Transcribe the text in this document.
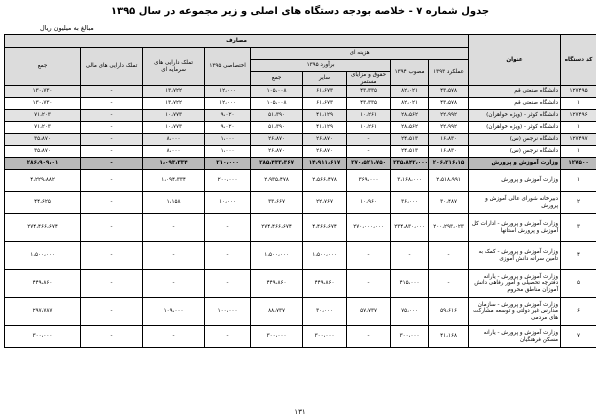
جدول شماره ۷ - خلاصه بودجه دستگاه های اصلی و زیر مجموعه در سال ۱۳۹۵
مبالغ به میلیون ریال
کد دستگاه	عنوان	مصارف								
		هزینه ای					اختصاصی ۱۳۹۵	تملک دارایی های سرمایه ای	تملک دارایی های مالی	جمع
		عملکرد ۱۳۹۳	مصوب ۱۳۹۴	برآورد ۱۳۹۵						
				حقوق و مزایای مستمر	سایر	جمع				

۱۲۷۴۹۵	دانشگاه صنعتی قم	۴۳،۵۷۸	۸۲،۰۲۱	۴۳،۳۳۵	۶۱،۶۷۳	۱۰۵،۰۰۸	۱۲،۰۰۰	۱۳،۷۲۲	-	۱۳۰،۷۳۰
۱	دانشگاه صنعتی قم	۴۳،۵۷۸	۸۲،۰۲۱	۴۳،۳۳۵	۶۱،۶۷۳	۱۰۵،۰۰۸	۱۲،۰۰۰	۱۳،۷۲۲	-	۱۳۰،۷۳۰
۱۲۷۴۹۶	دانشگاه کوثر - (ویژه خواهران)	۲۲،۹۹۲	۲۸،۵۶۲	۱۰،۲۶۱	۴۱،۱۲۹	۵۱،۳۹۰	۹،۰۲۰	۱۰،۷۷۳	-	۷۱،۲۰۳
۱	دانشگاه کوثر - (ویژه خواهران)	۲۲،۹۹۲	۲۸،۵۶۲	۱۰،۲۶۱	۴۱،۱۲۹	۵۱،۳۹۰	۹،۰۲۰	۱۰،۷۷۳	-	۷۱،۲۰۳
۱۲۷۴۹۷	دانشگاه نرجس (س)	۱۶،۸۳۰	۲۴،۵۱۳	-	۲۶،۸۷۰	۲۶،۸۷۰	۱،۰۰۰	۸،۰۰۰	-	۳۵،۸۷۰
۱	دانشگاه نرجس (س)	۱۶،۸۳۰	۲۴،۵۱۳	-	۲۶،۸۷۰	۲۶،۸۷۰	۱،۰۰۰	۸،۰۰۰	-	۳۵،۸۷۰
۱۲۷۵۰۰	وزارت آموزش و پرورش	۲۰۶،۲۱۶،۱۵	۲۳۵،۸۴۲،۰۰۰	۲۷۰،۵۲۱،۷۵۰	۱۴،۹۱۱،۶۱۷	۲۸۵،۴۳۳،۳۶۷	۲۱۰،۰۰۰	۱،۰۹۳،۳۳۴	-	۲۸۶،۹۰۹،۰۱
۱	وزارت آموزش و پرورش	۲،۵۱۸،۹۹۱	۳،۱۶۸،۰۰۰	۳۶۹،۰۰۰	۲،۵۶۶،۴۷۸	۲،۹۳۵،۴۷۸	۲۰۰،۰۰۰	۱،۰۹۴،۳۳۴	-	۴،۲۲۹،۸۸۲
۲	دبیرخانه شورای عالی آموزش و پرورش	۳۰،۴۸۷	۳۶،۰۰۰	۱۰،۹۶۰	۲۲،۷۶۷	۳۳،۶۶۷	۱۰،۰۰۰	۱،۱۵۸	-	۴۴،۶۲۵
۳	وزارت آموزش و پرورش - ادارات کل آموزش و پرورش استانها	۲۰۰،۲۹۳،۰۲۳	۲۳۴،۸۳۰،۰۰۰	۲۷۰،۰۰۰،۰۰۰	۴،۴۶۶،۶۷۴	۲۷۴،۴۶۶،۶۷۴	-	-	-	۲۷۴،۴۶۶،۶۷۴
۴	وزارت آموزش و پرورش - کمک به تامین سرانه دانش آموزی	-	-	-	۱،۵۰۰،۰۰۰	۱،۵۰۰،۰۰۰	-	-	-	۱،۵۰۰،۰۰۰
۵	وزارت آموزش و پرورش - یارانه دفترچه تحصیلی و امور رفاهی دانش آموزان مناطق محروم	-	۴۱۵،۰۰۰	-	۴۴۹،۸۶۰	۴۴۹،۸۶۰	-	-	-	۴۴۹،۸۶۰
۶	وزارت آموزش و پرورش - سازمان مدارس غیر دولتی و توسعه مشارکت های مردمی	۵۹،۶۱۶	۷۵،۰۰۰	۵۷،۷۳۷	۳۰،۰۰۰	۸۸،۷۳۷	۱۰۰،۰۰۰	۱۰۹،۰۰۰	-	۲۹۷،۷۸۷
۷	وزارت آموزش و پرورش - یارانه مسکن فرهنگیان	۴۱،۱۶۸	۳۰۰،۰۰۰	-	۳۰۰،۰۰۰	۳۰۰،۰۰۰	-	-	-	۳۰۰،۰۰۰
۱۳۱
